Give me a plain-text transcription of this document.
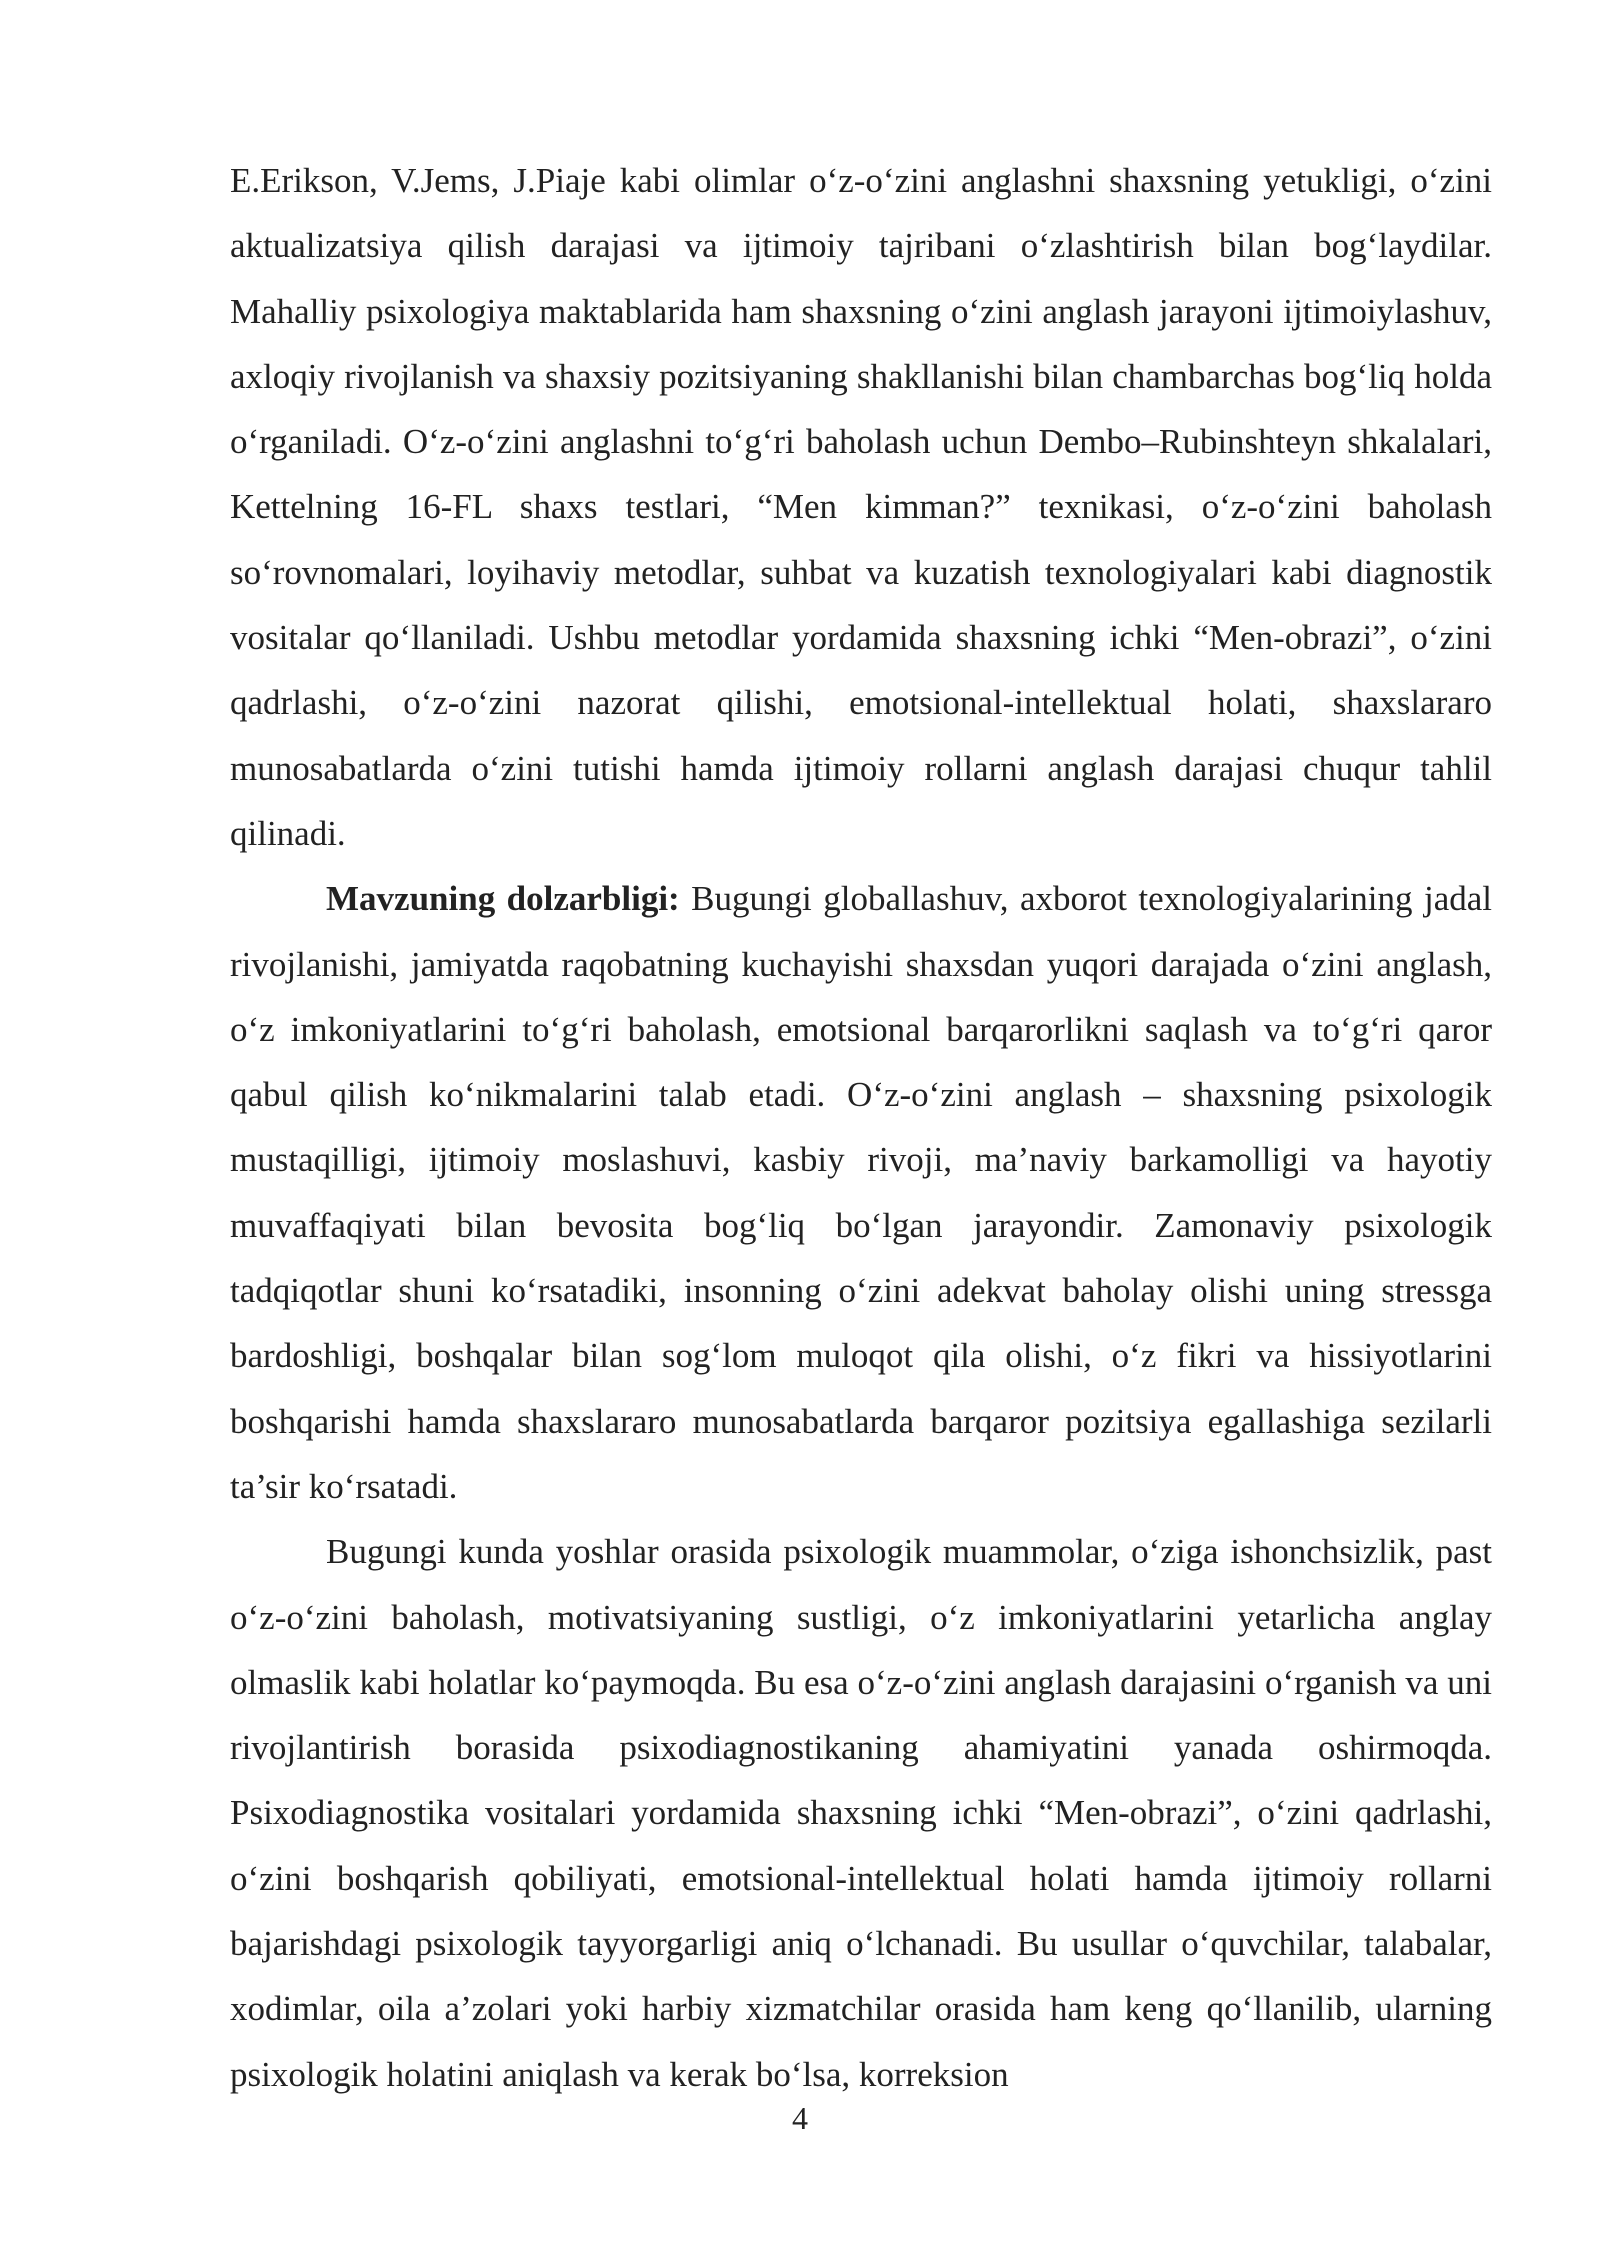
E.Erikson, V.Jems, J.Piaje kabi olimlar o‘z-o‘zini anglashni shaxsning yetukligi, o‘zini aktualizatsiya qilish darajasi va ijtimoiy tajribani o‘zlashtirish bilan bog‘laydilar. Mahalliy psixologiya maktablarida ham shaxsning o‘zini anglash jarayoni ijtimoiylashuv, axloqiy rivojlanish va shaxsiy pozitsiyaning shakllanishi bilan chambarchas bog‘liq holda o‘rganiladi. O‘z-o‘zini anglashni to‘g‘ri baholash uchun Dembo–Rubinshteyn shkalalari, Kettelning 16-FL shaxs testlari, “Men kimman?” texnikasi, o‘z-o‘zini baholash so‘rovnomalari, loyihaviy metodlar, suhbat va kuzatish texnologiyalari kabi diagnostik vositalar qo‘llaniladi. Ushbu metodlar yordamida shaxsning ichki “Men-obrazi”, o‘zini qadrlashi, o‘z-o‘zini nazorat qilishi, emotsional-intellektual holati, shaxslararo munosabatlarda o‘zini tutishi hamda ijtimoiy rollarni anglash darajasi chuqur tahlil qilinadi.

Mavzuning dolzarbligi: Bugungi globallashuv, axborot texnologiyalarining jadal rivojlanishi, jamiyatda raqobatning kuchayishi shaxsdan yuqori darajada o‘zini anglash, o‘z imkoniyatlarini to‘g‘ri baholash, emotsional barqarorlikni saqlash va to‘g‘ri qaror qabul qilish ko‘nikmalarini talab etadi. O‘z-o‘zini anglash – shaxsning psixologik mustaqilligi, ijtimoiy moslashuvi, kasbiy rivoji, ma’naviy barkamolligi va hayotiy muvaffaqiyati bilan bevosita bog‘liq bo‘lgan jarayondir. Zamonaviy psixologik tadqiqotlar shuni ko‘rsatadiki, insonning o‘zini adekvat baholay olishi uning stressga bardoshligi, boshqalar bilan sog‘lom muloqot qila olishi, o‘z fikri va hissiyotlarini boshqarishi hamda shaxslararo munosabatlarda barqaror pozitsiya egallashiga sezilarli ta’sir ko‘rsatadi.

Bugungi kunda yoshlar orasida psixologik muammolar, o‘ziga ishonchsizlik, past o‘z-o‘zini baholash, motivatsiyaning sustligi, o‘z imkoniyatlarini yetarlicha anglay olmaslik kabi holatlar ko‘paymoqda. Bu esa o‘z-o‘zini anglash darajasini o‘rganish va uni rivojlantirish borasida psixodiagnostikaning ahamiyatini yanada oshirmoqda. Psixodiagnostika vositalari yordamida shaxsning ichki “Men-obrazi”, o‘zini qadrlashi, o‘zini boshqarish qobiliyati, emotsional-intellektual holati hamda ijtimoiy rollarni bajarishdagi psixologik tayyorgarligi aniq o‘lchanadi. Bu usullar o‘quvchilar, talabalar, xodimlar, oila a’zolari yoki harbiy xizmatchilar orasida ham keng qo‘llanilib, ularning psixologik holatini aniqlash va kerak bo‘lsa, korreksion

4
